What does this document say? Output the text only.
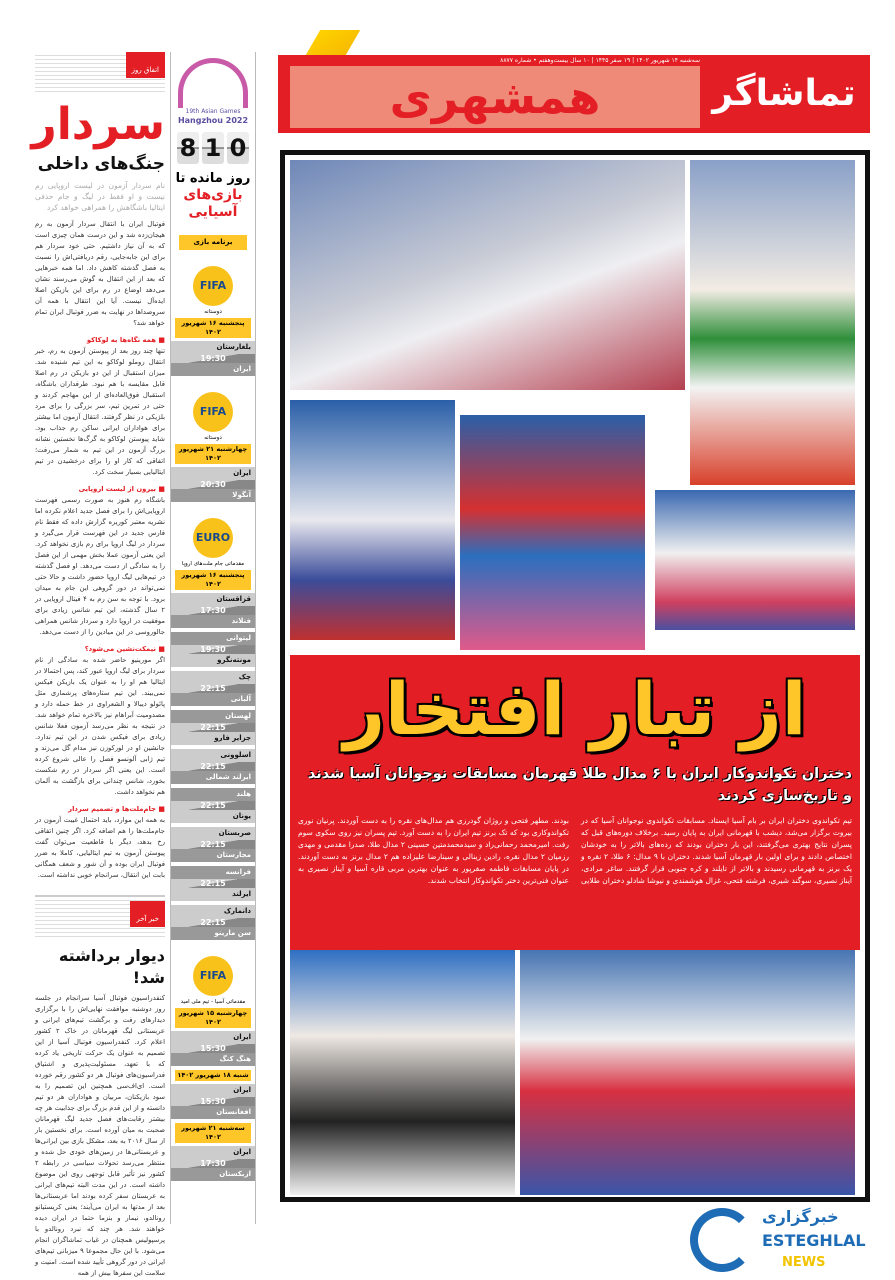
سه‌شنبه ۱۴ شهریور ۱۴۰۲ | ۱۹ صفر ۱۴۴۵ | ۱۰ سال بیست‌وهفتم • شماره ۸۸۷۷
همشهری	تماشاگر
اتفاق روز
سردار
جنگ‌های داخلی
نام سردار آزمون در لیست اروپایی رم نیست و او فقط در لیگ و جام حذفی ایتالیا باشگاهش را همراهی خواهد کرد
فوتبال ایران با انتقال سردار آزمون به رم هیجان‌زده شد و این درست همان چیزی است که به آن نیاز داشتیم. حتی خود سردار هم برای این جابه‌جایی، رقم دریافتی‌اش را نسبت به فصل گذشته کاهش داد. اما همه خبرهایی که بعد از این انتقال به گوش می‌رسند نشان می‌دهد اوضاع در رم برای این بازیکن اصلا ایده‌آل نیست. آیا این انتقال با همه آن سروصداها در نهایت به ضرر فوتبال ایران تمام خواهد شد؟
■ همه نگاه‌ها به لوکاکو
تنها چند روز بعد از پیوستن آزمون به رم، خبر انتقال روملو لوکاکو به این تیم شنیده شد. میزان استقبال از این دو بازیکن در رم اصلا قابل مقایسه با هم نبود. طرفداران باشگاه، استقبال فوق‌العاده‌ای از این مهاجم کردند و حتی در تمرین تیم، سر بزرگی را برای مرد بلژیکی در نظر گرفتند. انتقال آزمون اما بیشتر برای هواداران ایرانی ساکن رم جذاب بود. شاید پیوستن لوکاکو به گرگ‌ها نخستین نشانه بزرگ آزمون در این تیم به شمار می‌رفت؛ اتفاقی که کار او را برای درخشیدن در تیم ایتالیایی بسیار سخت کرد.
■ بیرون از لیست اروپایی
باشگاه رم هنوز به صورت رسمی فهرست اروپایی‌اش را برای فصل جدید اعلام نکرده اما نشریه معتبر کوریره گزارش داده که فقط نام فارس جدید در این فهرست قرار می‌گیرد و سردار در لیگ اروپا برای رم بازی نخواهد کرد. این یعنی آزمون عملا بخش مهمی از این فصل را به سادگی از دست می‌دهد. او فصل گذشته در تیم‌هایی لیگ اروپا حضور داشت و حالا حتی نمی‌تواند در دور گروهی این جام به میدان برود. با توجه به سن رم به ۴ فینال اروپایی در ۲ سال گذشته، این تیم شانس زیادی برای موفقیت در اروپا دارد و سردار شانس همراهی جالوروسی در این میادین را از دست می‌دهد.
■ نیمکت‌نشین می‌شود؟
اگر مورینیو حاضر شده به سادگی از نام سردار برای لیگ اروپا عبور کند، پس احتمالا در ایتالیا هم او را به عنوان یک بازیکن فیکس نمی‌بیند. این تیم ستاره‌های پرشماری مثل پائولو دیبالا و الشعراوی در خط حمله دارد و مصدومیت آبراهام نیز بالاخره تمام خواهد شد. در نتیجه به نظر می‌رسد آزمون فعلا شانس زیادی برای فیکس شدن در این تیم ندارد. جانشین او در لورکوزن نیز مدام گل می‌زند و تیم ژابی آلونسو فصل را عالی شروع کرده است. این یعنی اگر سردار در رم شکست بخورد، شانس چندانی برای بازگشت به آلمان هم نخواهد داشت.
■ جام‌ملت‌ها و تصمیم سردار
به همه این موارد، باید احتمال غیبت آزمون در جام‌ملت‌ها را هم اضافه کرد. اگر چنین اتفاقی رخ بدهد، دیگر با قاطعیت می‌توان گفت پیوستن آزمون به تیم ایتالیایی، کاملا به ضرر فوتبال ایران بوده و آن شور و شعف همگانی بابت این انتقال، سرانجام خوبی نداشته است.
خبر آخر
دیوار برداشته شد!
کنفدراسیون فوتبال آسیا سرانجام در جلسه روز دوشنبه موافقت نهایی‌اش را با برگزاری دیدارهای رفت و برگشت تیم‌های ایرانی و عربستانی لیگ قهرمانان در خاک ۲ کشور اعلام کرد. کنفدراسیون فوتبال آسیا از این تصمیم به عنوان یک حرکت تاریخی یاد کرده که با تعهد، مسئولیت‌پذیری و اشتیاق فدراسیون‌های فوتبال هر دو کشور رقم خورده است. ای‌اف‌سی همچنین این تصمیم را به سود بازیکنان، مربیان و هواداران هر دو تیم دانسته و از این قدم بزرگ برای جذابیت هر چه بیشتر رقابت‌های فصل جدید لیگ قهرمانان صحبت به میان آورده است. برای نخستین بار از سال ۲۰۱۶ به بعد، مشکل بازی بین ایرانی‌ها و عربستانی‌ها در زمین‌های خودی حل شده و منتظر می‌رسد تحولات سیاسی در رابطه ۲ کشور نیز تأثیر قابل توجهی روی این موضوع داشته است. در این مدت البته تیم‌های ایرانی به عربستان سفر کرده بودند اما عربستانی‌ها بعد از مدتها به ایران می‌آیند؛ یعنی کریستیانو رونالدو، نیمار و بنزما حتما در ایران دیده خواهند شد. هر چند که نبرد رونالدو با پرسپولیس همچنان در غیاب تماشاگران انجام می‌شود. با این حال مجموعا ۹ میزبانی تیم‌های ایرانی در دور گروهی تأیید شده است. امنیت و سلامت این سفرها بیش از همه
19th Asian Games
Hangzhou 2022
0
1
8
روز مانده تا
بازی‌های آسیایی
برنامه بازی
FIFA
دوستانه
پنجشنبه ۱۶ شهریور ۱۴۰۲
بلغارستان
19:30
ایران
FIFA
دوستانه
چهارشنبه ۲۱ شهریور ۱۴۰۲
ایران
20:30
آنگولا
EURO
مقدماتی جام ملت‌های اروپا
پنجشنبه ۱۶ شهریور ۱۴۰۲
قزاقستان
17:30
فنلاند
لیتوانی
19:30
مونته‌نگرو
چک
22:15
آلبانی
لهستان
22:15
جزایر فارو
اسلوونی
22:15
ایرلند شمالی
هلند
22:15
یونان
صربستان
22:15
مجارستان
فرانسه
22:15
ایرلند
دانمارک
22:15
سن مارینو
FIFA
مقدماتی آسیا - تیم ملی امید
چهارشنبه ۱۵ شهریور ۱۴۰۲
ایران
15:30
هنگ کنگ
شنبه ۱۸ شهریور ۱۴۰۲
ایران
15:30
افغانستان
سه‌شنبه ۲۱ شهریور ۱۴۰۲
ایران
17:30
ازبکستان
از تبار افتخار
دختران تکواندوکار ایران با ۶ مدال طلا قهرمان مسابقات نوجوانان آسیا شدند و تاریخ‌سازی کردند
تیم تکواندوی دختران ایران بر بام آسیا ایستاد. مسابقات تکواندوی نوجوانان آسیا که در بیروت برگزار می‌شد، دیشب با قهرمانی ایران به پایان رسید. برخلاف دوره‌های قبل که پسران نتایج بهتری می‌گرفتند، این بار دختران بودند که رده‌های بالاتر را به خودشان اختصاص دادند و برای اولین بار قهرمان آسیا شدند. دختران با ۹ مدال: ۶ طلا، ۲ نقره و یک برنز به قهرمانی رسیدند و بالاتر از تایلند و کره جنوبی قرار گرفتند. ساغر مرادی، آیناز نصیری، سوگند شیری، فرشته فتحی، غزال هوشمندی و نیوشا شادلو دختران طلایی بودند. مطهر فتحی و روژان گودرزی هم مدال‌های نقره را به دست آوردند. پرنیان نوری تکواندوکاری بود که تک برنز تیم ایران را به دست آورد. تیم پسران نیز روی سکوی سوم رفت. امیرمحمد رحمانی‌راد و سیدمحمدمتین حسینی ۲ مدال طلا، صدرا مقدمی و مهدی رزمیان ۲ مدال نقره، رادین زینالی و سینارضا علیزاده هم ۲ مدال برنز به دست آوردند. در پایان مسابقات فاطمه صفرپور به عنوان بهترین مربی قاره آسیا و آیناز نصیری به عنوان فنی‌ترین دختر تکواندوکار انتخاب شدند.
خبرگزاری
ESTEGHLAL
NEWS
